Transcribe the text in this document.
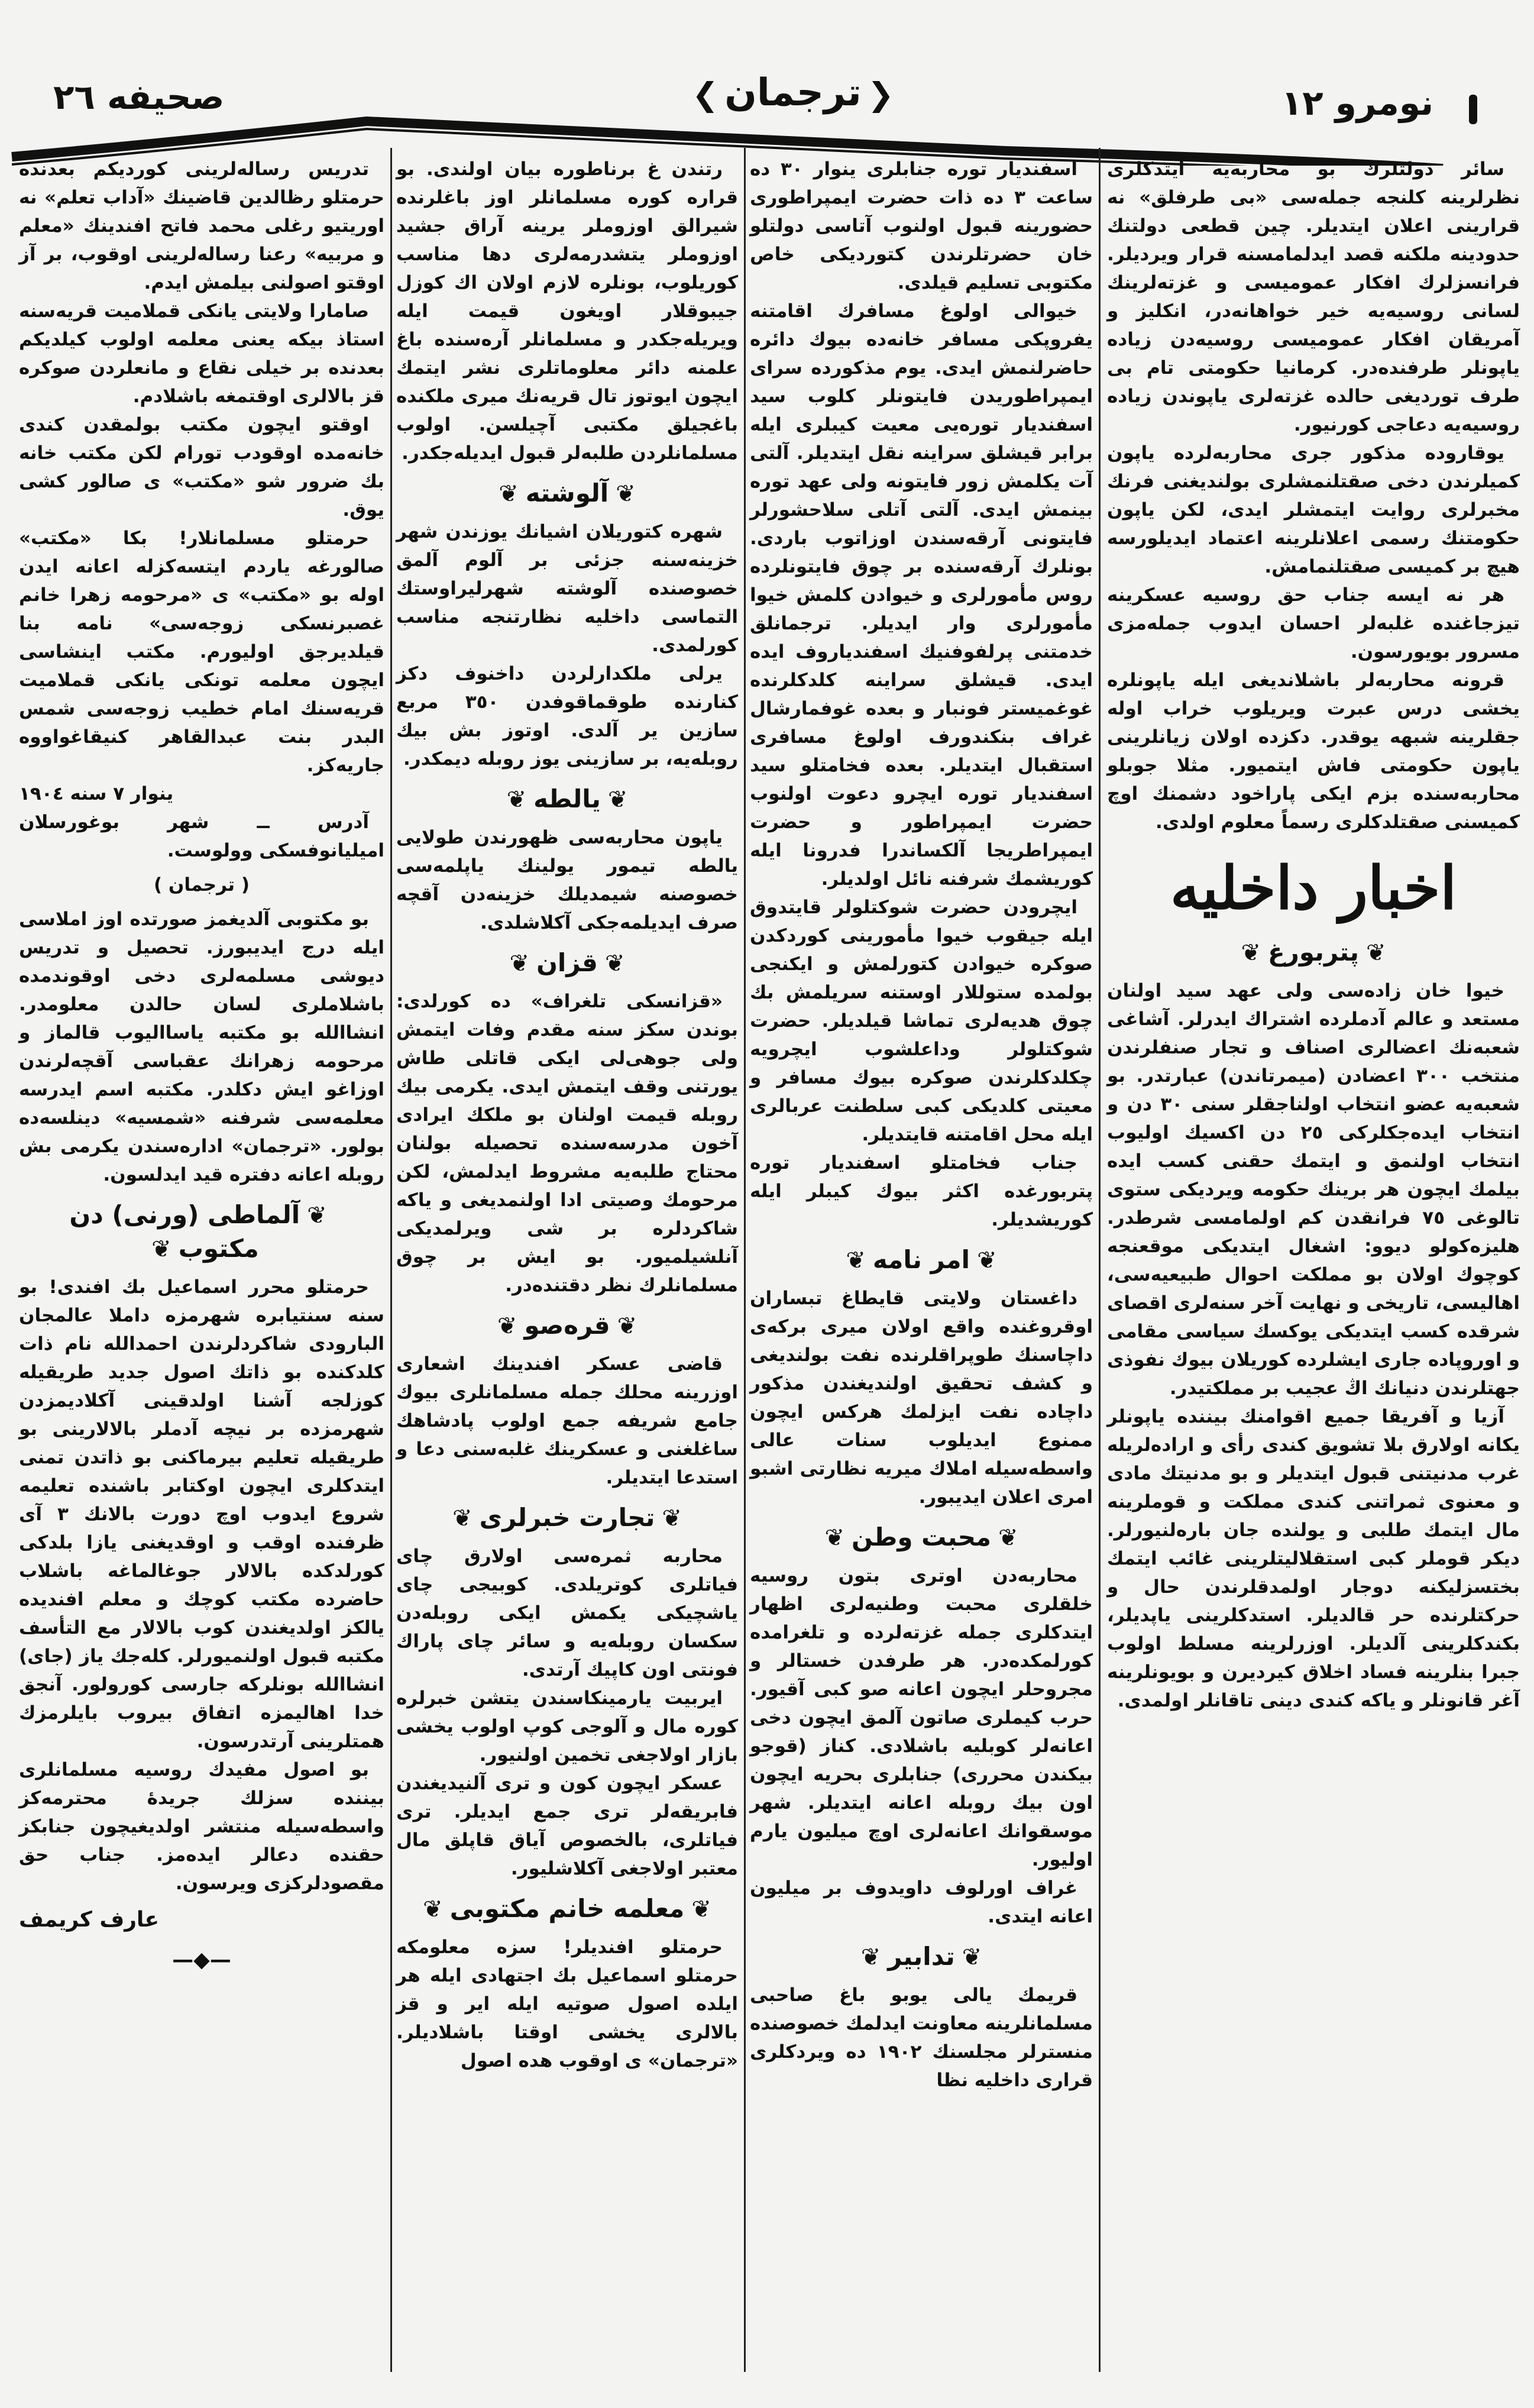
صحیفه ٢٦	❮ترجمان❯	نومرو ١٢

سائر دولتلرك بو محاربه‌یه ایتدكلری نظرلرینه كلنجه جمله‌سی «بی طرفلق» نه قرارینی اعلان ایتدیلر. چین قطعی دولتنك حدودینه ملكنه قصد ایدلمامسنه قرار ویردیلر. فرانسزلرك افكار عمومیسی و غزته‌لرینك لسانی روسیه‌یه خیر خواهانه‌در، انكلیز و آمریقان افكار عمومیسی روسیه‌دن زیاده یاپونلر طرفنده‌در. كرمانیا حكومتی تام بی طرف توردیغی حالده غزته‌لری یاپوندن زیاده روسیه‌یه دعاجی كورنیور.

یوقاروده مذكور جری محاربه‌لرده یاپون كمیلرندن دخی صقتلنمشلری بولندیغنی فرنك مخبرلری روایت ایتمشلر ایدی، لكن یاپون حكومتنك رسمی اعلانلرینه اعتماد ایدیلورسه هیچ بر كمیسی صقتلنمامش.

هر نه ایسه جناب حق روسیه عسكرینه تیزجاغنده غلبه‌لر احسان ایدوب جمله‌مزی مسرور بویورسون.

قرونه محاربه‌لر باشلاندیغی ایله یاپونلره یخشی درس عبرت ویریلوب خراب اوله جقلرینه شبهه یوقدر. دكزده اولان زیانلرینی یاپون حكومتی فاش ایتمیور. مثلا جوبلو محاربه‌سنده بزم ایكی پاراخود دشمنك اوچ كمیسنی صقتلدكلری رسماً معلوم اولدی.

اخبار داخلیه
❦پتربورغ❦

خیوا خان زاده‌سی ولی عهد سید اولنان مستعد و عالم آدملرده اشتراك ایدرلر. آشاغی شعبه‌نك اعضالری اصناف و تجار صنفلرندن منتخب ٣٠٠ اعضادن (میمرتاندن) عبارتدر. بو شعبه‌یه عضو انتخاب اولناجقلر سنی ٣٠ دن و انتخاب ایده‌جكلركی ٢٥ دن اكسیك اولیوب انتخاب اولنمق و ایتمك حقنی كسب ایده بیلمك ایچون هر برینك حكومه ویردیكی ستوی تالوغی ٧٥ فرانقدن كم اولمامسی شرطدر. هلیزه‌كولو دیوو: اشغال ایتدیكی موقعنجه كوچوك اولان بو مملكت احوال طبیعیه‌سی، اهالیسی، تاریخی و نهایت آخر سنه‌لری اقصای شرقده كسب ایتدیكی یوكسك سیاسی مقامی و اوروپاده جاری ایشلرده كوریلان بیوك نفوذی جهتلرندن دنیانك اڭ عجیب بر مملكتیدر.

آزیا و آفریقا جمیع اقوامنك بیننده یاپونلر یكانه اولارق بلا تشویق كندی رأی و اراده‌لریله غرب مدنیتنی قبول ایتدیلر و بو مدنیتك مادی و معنوی ثمراتنی كندی مملكت و قوملرینه مال ایتمك طلبی و یولنده جان باره‌لنیورلر. دیكر قوملر كبی استقلالیتلرینی غائب ایتمك بختسزلیكنه دوجار اولمدقلرندن حال و حركتلرنده حر قالدیلر. استدكلرینی یاپدیلر، بكندكلرینی آلدیلر. اوزرلرینه مسلط اولوب جبرا بنلرینه فساد اخلاق كیردیرن و بویونلرینه آغر قانونلر و یاكه كندی دینی تاقانلر اولمدی.

اسفندیار توره جنابلری ینوار ٣٠ ده ساعت ٣ ده ذات حضرت ایمپراطوری حضورینه قبول اولنوب آتاسی دولتلو خان حضرتلرندن كتوردیكی خاص مكتوبی تسلیم قیلدی.

خیوالی اولوغ مسافرك اقامتنه یفروپكی مسافر خانه‌ده بیوك دائره حاضرلنمش ایدی. یوم مذكورده سرای ایمپراطوریدن فایتونلر كلوب سید اسفندیار توره‌یی معیت كیبلری ایله برابر قیشلق سراینه نقل ایتدیلر. آلتی آت یكلمش زور فایتونه ولی عهد توره بینمش ایدی. آلتی آتلی سلاحشورلر فایتونی آرقه‌سندن اوزاتوب باردی. بونلرك آرقه‌سنده بر چوق فایتونلرده روس مأمورلری و خیوادن كلمش خیوا مأمورلری وار ایدیلر. ترجمانلق خدمتنی پرلفوفنیك اسفندیاروف ایده ایدی. قیشلق سراینه كلدكلرنده غوغمیستر فونبار و بعده غوفمارشال غراف بنكندورف اولوغ مسافری استقبال ایتدیلر. بعده فخامتلو سید اسفندیار توره ایچرو دعوت اولنوب حضرت ایمپراطور و حضرت ایمپراطریجا آلكساندرا فدرونا ایله كوریشمك شرفنه نائل اولدیلر.

ایچرودن حضرت شوكتلولر قایتدوق ایله جیقوب خیوا مأمورینی كوردكدن صوكره خیوادن كتورلمش و ایكنجی بولمده ستوللار اوستنه سریلمش بك چوق هدیه‌لری تماشا قیلدیلر. حضرت شوكتلولر وداعلشوب ایچرویه چكلدكلرندن صوكره بیوك مسافر و معیتی كلدیكی كبی سلطنت عربالری ایله محل اقامتنه قایتدیلر.

جناب فخامتلو اسفندیار توره پتربورغده اكثر بیوك كیبلر ایله كوریشدیلر.

❦امر نامه❦

داغستان ولایتی قایطاغ تبساران اوقروغنده واقع اولان میری بركه‌ی داچاسنك طوپراقلرنده نفت بولندیغی و كشف تحقیق اولندیغندن مذكور داچاده نفت ایزلمك هركس ایچون ممنوع ایدیلوب سنات عالی واسطه‌سیله املاك میریه نظارتی اشبو امری اعلان ایدیبور.

❦محبت وطن❦

محاربه‌دن اوتری بتون روسیه خلقلری محبت وطنیه‌لری اظهار ایتدكلری جمله غزته‌لرده و تلغرامده كورلمكده‌در. هر طرفدن خستالر و مجروحلر ایچون اعانه صو كبی آقیور. حرب كیملری صاتون آلمق ایچون دخی اعانه‌لر كوبلیه باشلادی. كناز (قوجو بیكندن محرری) جنابلری بحریه ایچون اون بیك روبله اعانه ایتدیلر. شهر موسقوانك اعانه‌لری اوچ میلیون یارم اولیور.

غراف اورلوف داویدوف بر میلیون اعانه ایتدی.

❦تدابیر❦

قریمك یالی یوبو باغ صاحبی مسلمانلرینه معاونت ایدلمك خصوصنده منسترلر مجلسنك ١٩٠٢ ده ویردكلری قراری داخلیه نظا

رتندن غ برناطوره بیان اولندی. بو قراره كوره مسلمانلر اوز باغلرنده شیرالق اوزوملر یرینه آراق جشید اوزوملر یتشدرمه‌لری دها مناسب كوریلوب، بونلره لازم اولان اك كوزل جیبوقلار اویغون قیمت ایله ویریله‌جكدر و مسلمانلر آره‌سنده باغ علمنه دائر معلوماتلری نشر ایتمك ایچون ایوتوز تال قریه‌نك میری ملكنده باغجیلق مكتبی آچیلسن. اولوب مسلمانلردن طلبه‌لر قبول ایدیله‌جكدر.

❦آلوشته❦

شهره كتوریلان اشیانك یوزندن شهر خزینه‌سنه جزئی بر آلوم آلمق خصوصنده آلوشته شهرلیراوستك التماسی داخلیه نظارتنجه مناسب كورلمدی.

یرلی ملكدارلردن داخنوف دكز كنارنده طوقماقوفدن ٣٥٠ مربع سازین یر آلدی. اوتوز بش بیك روبله‌یه، بر سازینی یوز روبله دیمكدر.

❦یالطه❦

یاپون محاربه‌سی ظهورندن طولایی یالطه تیمور یولینك یاپلمه‌سی خصوصنه شیمدیلك خزینه‌دن آقچه صرف ایدیلمه‌جكی آكلاشلدی.

❦قزان❦

«قزانسكی تلغراف» ده كورلدی: بوندن سكز سنه مقدم وفات ایتمش ولی جوهی‌لی ایكی قاتلی طاش یورتنی وقف ایتمش ایدی. یكرمی بیك روبله قیمت اولنان بو ملكك ایرادی آخون مدرسه‌سنده تحصیله بولنان محتاج طلبه‌یه مشروط ایدلمش، لكن مرحومك وصیتی ادا اولنمدیغی و یاكه شاكردلره بر شی ویرلمدیكی آنلشیلمیور. بو ایش بر چوق مسلمانلرك نظر دقتنده‌در.

❦قره‌صو❦

قاضی عسكر افندینك اشعاری اوزرینه محلك جمله مسلمانلری بیوك جامع شریفه جمع اولوب پادشاهك ساغلغنی و عسكرینك غلبه‌سنی دعا و استدعا ایتدیلر.

❦تجارت خبرلری❦

محاربه ثمره‌سی اولارق چای فیاتلری كوتریلدی. كوبیجی چای یاشچیكی یكمش ایكی روبله‌دن سكسان روبله‌یه و سائر چای پاراك فونتی اون كاپیك آرتدی.

ایربیت یارمینكاسندن یتشن خبرلره كوره مال و آلوجی كوپ اولوب یخشی بازار اولاجغی تخمین اولنیور.

عسكر ایچون كون و تری آلنیدیغندن فابریقه‌لر تری جمع ایدیلر. تری فیاتلری، بالخصوص آیاق قاپلق مال معتبر اولاجغی آكلاشلیور.

❦معلمه خانم مكتوبی❦

حرمتلو افندیلر! سزه معلومكه حرمتلو اسماعیل بك اجتهادی ایله هر ایلده اصول صوتیه ایله ایر و قز بالالری یخشی اوقتا باشلادیلر. «ترجمان» ی اوقوب هده اصول

تدریس رساله‌لرینی كوردیكم بعدنده حرمتلو رظالدین قاضینك «آداب تعلم» نه اوریتیو رغلی محمد فاتح افندینك «معلم و مربیه» رعنا رساله‌لرینی اوقوب، بر آز اوقتو اصولنی بیلمش ایدم.

صامارا ولایتی یانكی قملامیت قریه‌سنه استاذ بیكه یعنی معلمه اولوب كیلدیكم بعدنده بر خیلی نقاع و مانعلردن صوكره قز بالالری اوقتمغه باشلادم.

اوقتو ایچون مكتب بولمقدن كندی خانه‌مده اوقودب تورام لكن مكتب خانه بك ضرور شو «مكتب» ی صالور كشی یوق.

حرمتلو مسلمانلار! بكا «مكتب» صالورغه یاردم ایتسه‌كزله اعانه ایدن اوله بو «مكتب» ی «مرحومه زهرا خانم غصبرنسكی زوجه‌سی» نامه بنا قیلدیرجق اولیورم. مكتب اینشاسی ایچون معلمه تونكی یانكی قملامیت قریه‌سنك امام خطیب زوجه‌سی شمس البدر بنت عبدالقاهر كنیقاغواووه جاریه‌كز.

ینوار ٧ سنه ١٩٠٤

آدرس ــ شهر بوغورسلان امیلیانوفسكی وولوست.

( ترجمان )

بو مكتوبی آلدیغمز صورتده اوز املاسی ایله درج ایدیبورز. تحصیل و تدریس دیوشی مسلمه‌لری دخی اوقوندمده باشلاملری لسان حالدن معلومدر. انشاالله بو مكتبه یاساالیوب قالماز و مرحومه زهرانك عقباسی آقچه‌لرندن اوزاغو ایش دكلدر. مكتبه اسم ایدرسه معلمه‌سی شرفنه «شمسیه» دینلسه‌ده بولور. «ترجمان» اداره‌سندن یكرمی بش روبله اعانه دفتره قید ایدلسون.

❦آلماطی (ورنی) دن مكتوب❦

حرمتلو محرر اسماعیل بك افندی! بو سنه سنتیابره شهرمزه داملا عالمجان البارودی شاكردلرندن احمدالله نام ذات كلدكنده بو ذاتك اصول جدید طریقیله كوزلجه آشنا اولدقینی آكلادیمزدن شهرمزده بر نیچه آدملر بالالارینی بو طریقیله تعلیم بیرماكنی بو ذاتدن تمنی ایتدكلری ایچون اوكتابر باشنده تعلیمه شروع ایدوب اوچ دورت بالانك ٣ آی ظرفنده اوقب و اوقدیغنی یازا بلدكی كورلدكده بالالار جوغالماغه باشلاب حاضرده مكتب كوچك و معلم افندیده یالكز اولدیغندن كوب بالالار مع التأسف مكتبه قبول اولنمیورلر. كله‌جك یاز (جای) انشاالله بونلركه جارسی كورولور. آنجق خدا اهالیمزه اتفاق بیروب بایلرمزك همتلرینی آرتدرسون.

بو اصول مفیدك روسیه مسلمانلری بیننده سزلك جریدهٔ محترمه‌كز واسطه‌سیله منتشر اولدیغیچون جنابكز حقنده دعالر ایده‌مز. جناب حق مقصودلركزی ویرسون.

عارف كریمف
—◆—
